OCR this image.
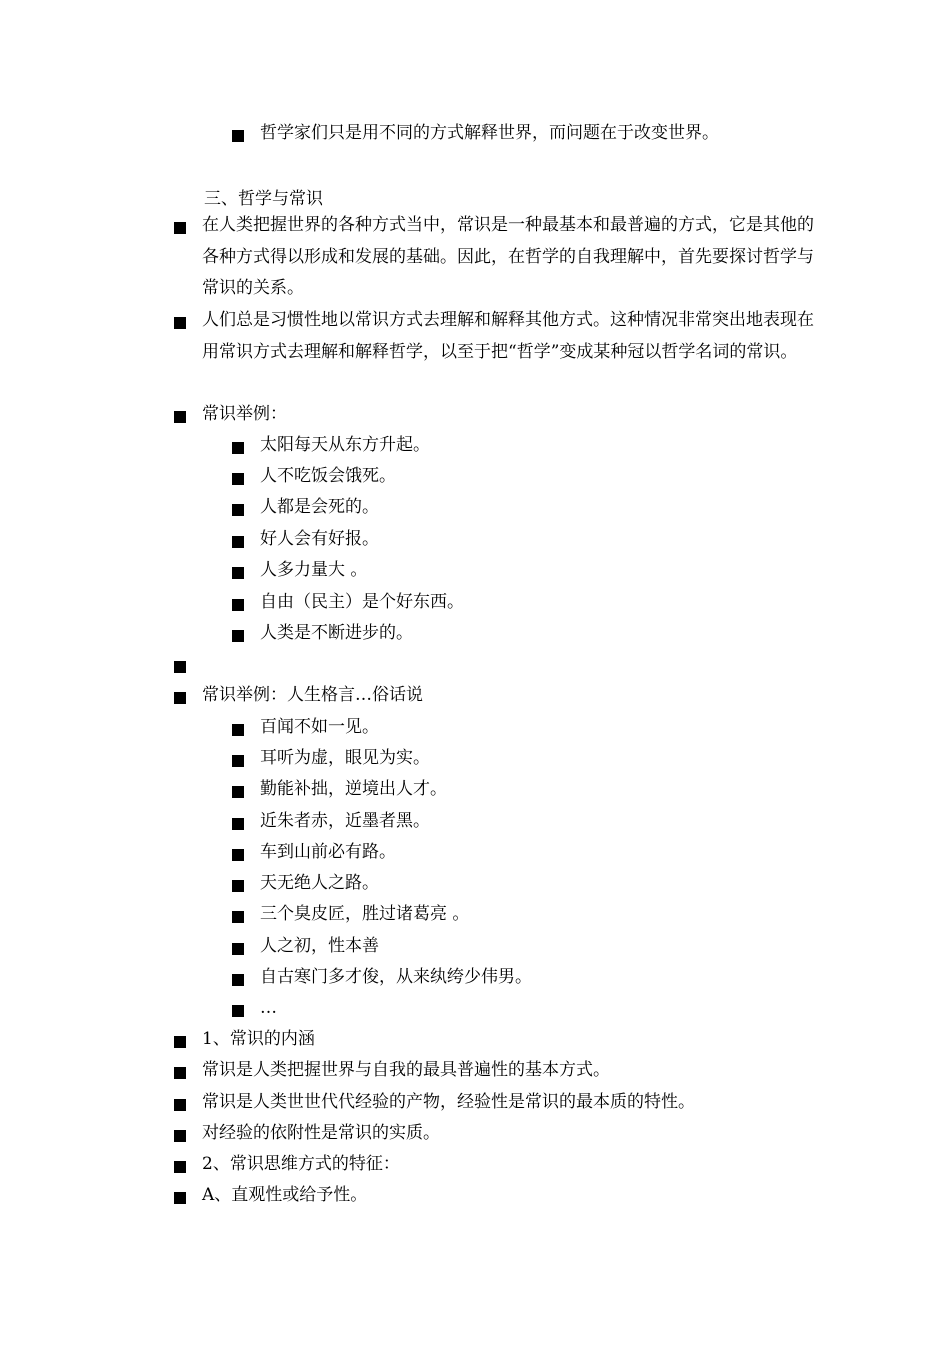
哲学家们只是用不同的方式解释世界，而问题在于改变世界。
三、哲学与常识
在人类把握世界的各种方式当中，常识是一种最基本和最普遍的方式，它是其他的各种方式得以形成和发展的基础。因此，在哲学的自我理解中，首先要探讨哲学与常识的关系。
人们总是习惯性地以常识方式去理解和解释其他方式。这种情况非常突出地表现在用常识方式去理解和解释哲学，以至于把“哲学”变成某种冠以哲学名词的常识。
常识举例：
太阳每天从东方升起。
人不吃饭会饿死。
人都是会死的。
好人会有好报。
人多力量大 。
自由（民主）是个好东西。
人类是不断进步的。
常识举例：人生格言…俗话说
百闻不如一见。
耳听为虚，眼见为实。
勤能补拙，逆境出人才。
近朱者赤，近墨者黑。
车到山前必有路。
天无绝人之路。
三个臭皮匠，胜过诸葛亮 。
人之初，性本善
自古寒门多才俊，从来纨绔少伟男。
…
1、常识的内涵
常识是人类把握世界与自我的最具普遍性的基本方式。
常识是人类世世代代经验的产物，经验性是常识的最本质的特性。
对经验的依附性是常识的实质。
2、常识思维方式的特征：
A、直观性或给予性。
